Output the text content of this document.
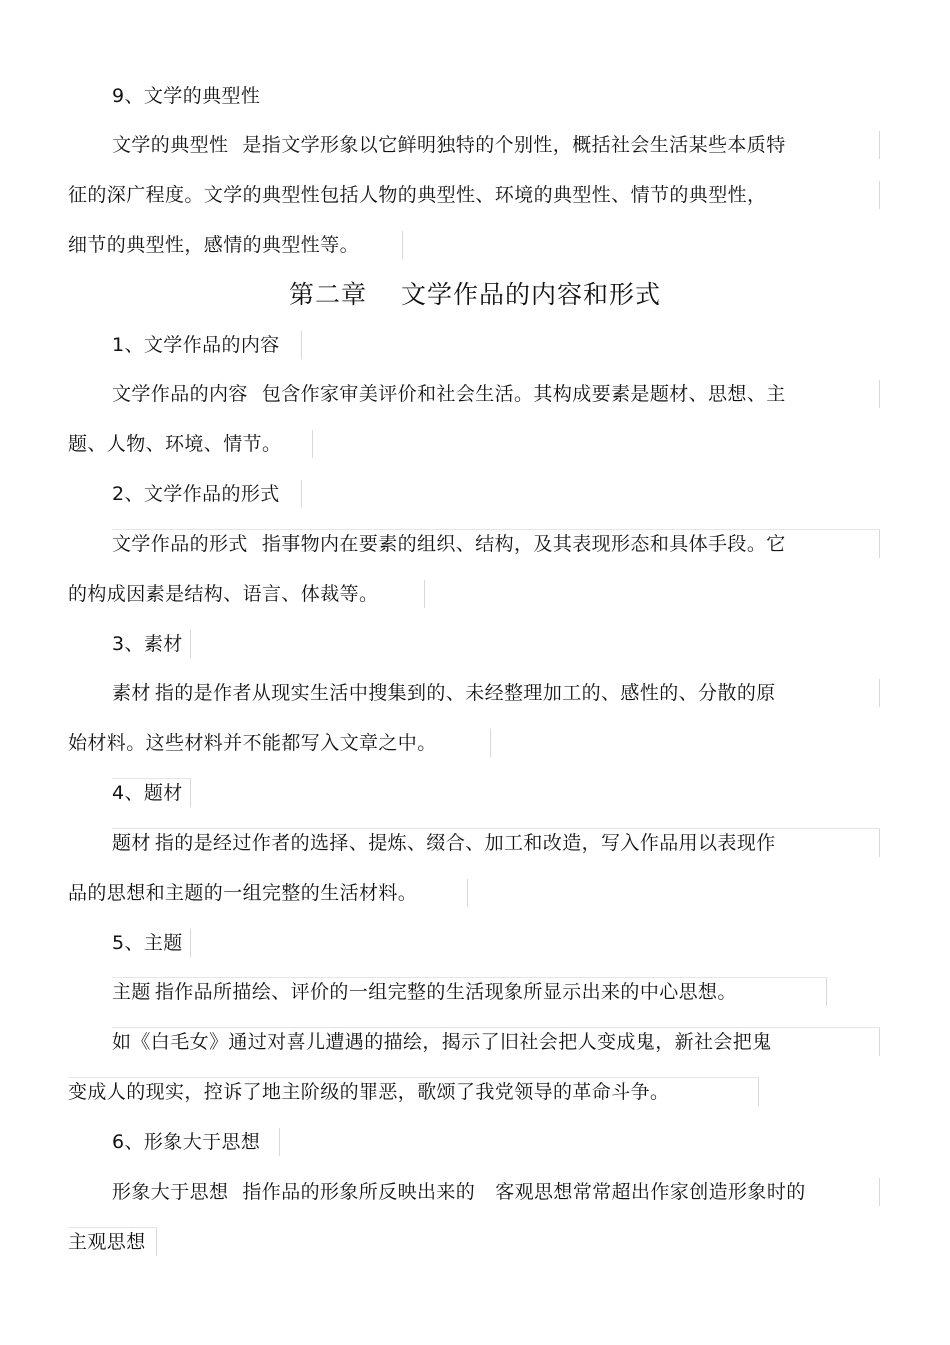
9、文学的典型性
文学的典型性 是指文学形象以它鲜明独特的个别性，概括社会生活某些本质特
征的深广程度。文学的典型性包括人物的典型性、环境的典型性、情节的典型性，
细节的典型性，感情的典型性等。
第二章 文学作品的内容和形式
1、文学作品的内容
文学作品的内容 包含作家审美评价和社会生活。其构成要素是题材、思想、主
题、人物、环境、情节。
2、文学作品的形式
文学作品的形式 指事物内在要素的组织、结构，及其表现形态和具体手段。它
的构成因素是结构、语言、体裁等。
3、素材
素材 指的是作者从现实生活中搜集到的、未经整理加工的、感性的、分散的原
始材料。这些材料并不能都写入文章之中。
4、题材
题材 指的是经过作者的选择、提炼、缀合、加工和改造，写入作品用以表现作
品的思想和主题的一组完整的生活材料。
5、主题
主题 指作品所描绘、评价的一组完整的生活现象所显示出来的中心思想。
如《白毛女》通过对喜儿遭遇的描绘，揭示了旧社会把人变成鬼，新社会把鬼
变成人的现实，控诉了地主阶级的罪恶，歌颂了我党领导的革命斗争。
6、形象大于思想
形象大于思想 指作品的形象所反映出来的 客观思想常常超出作家创造形象时的
主观思想
